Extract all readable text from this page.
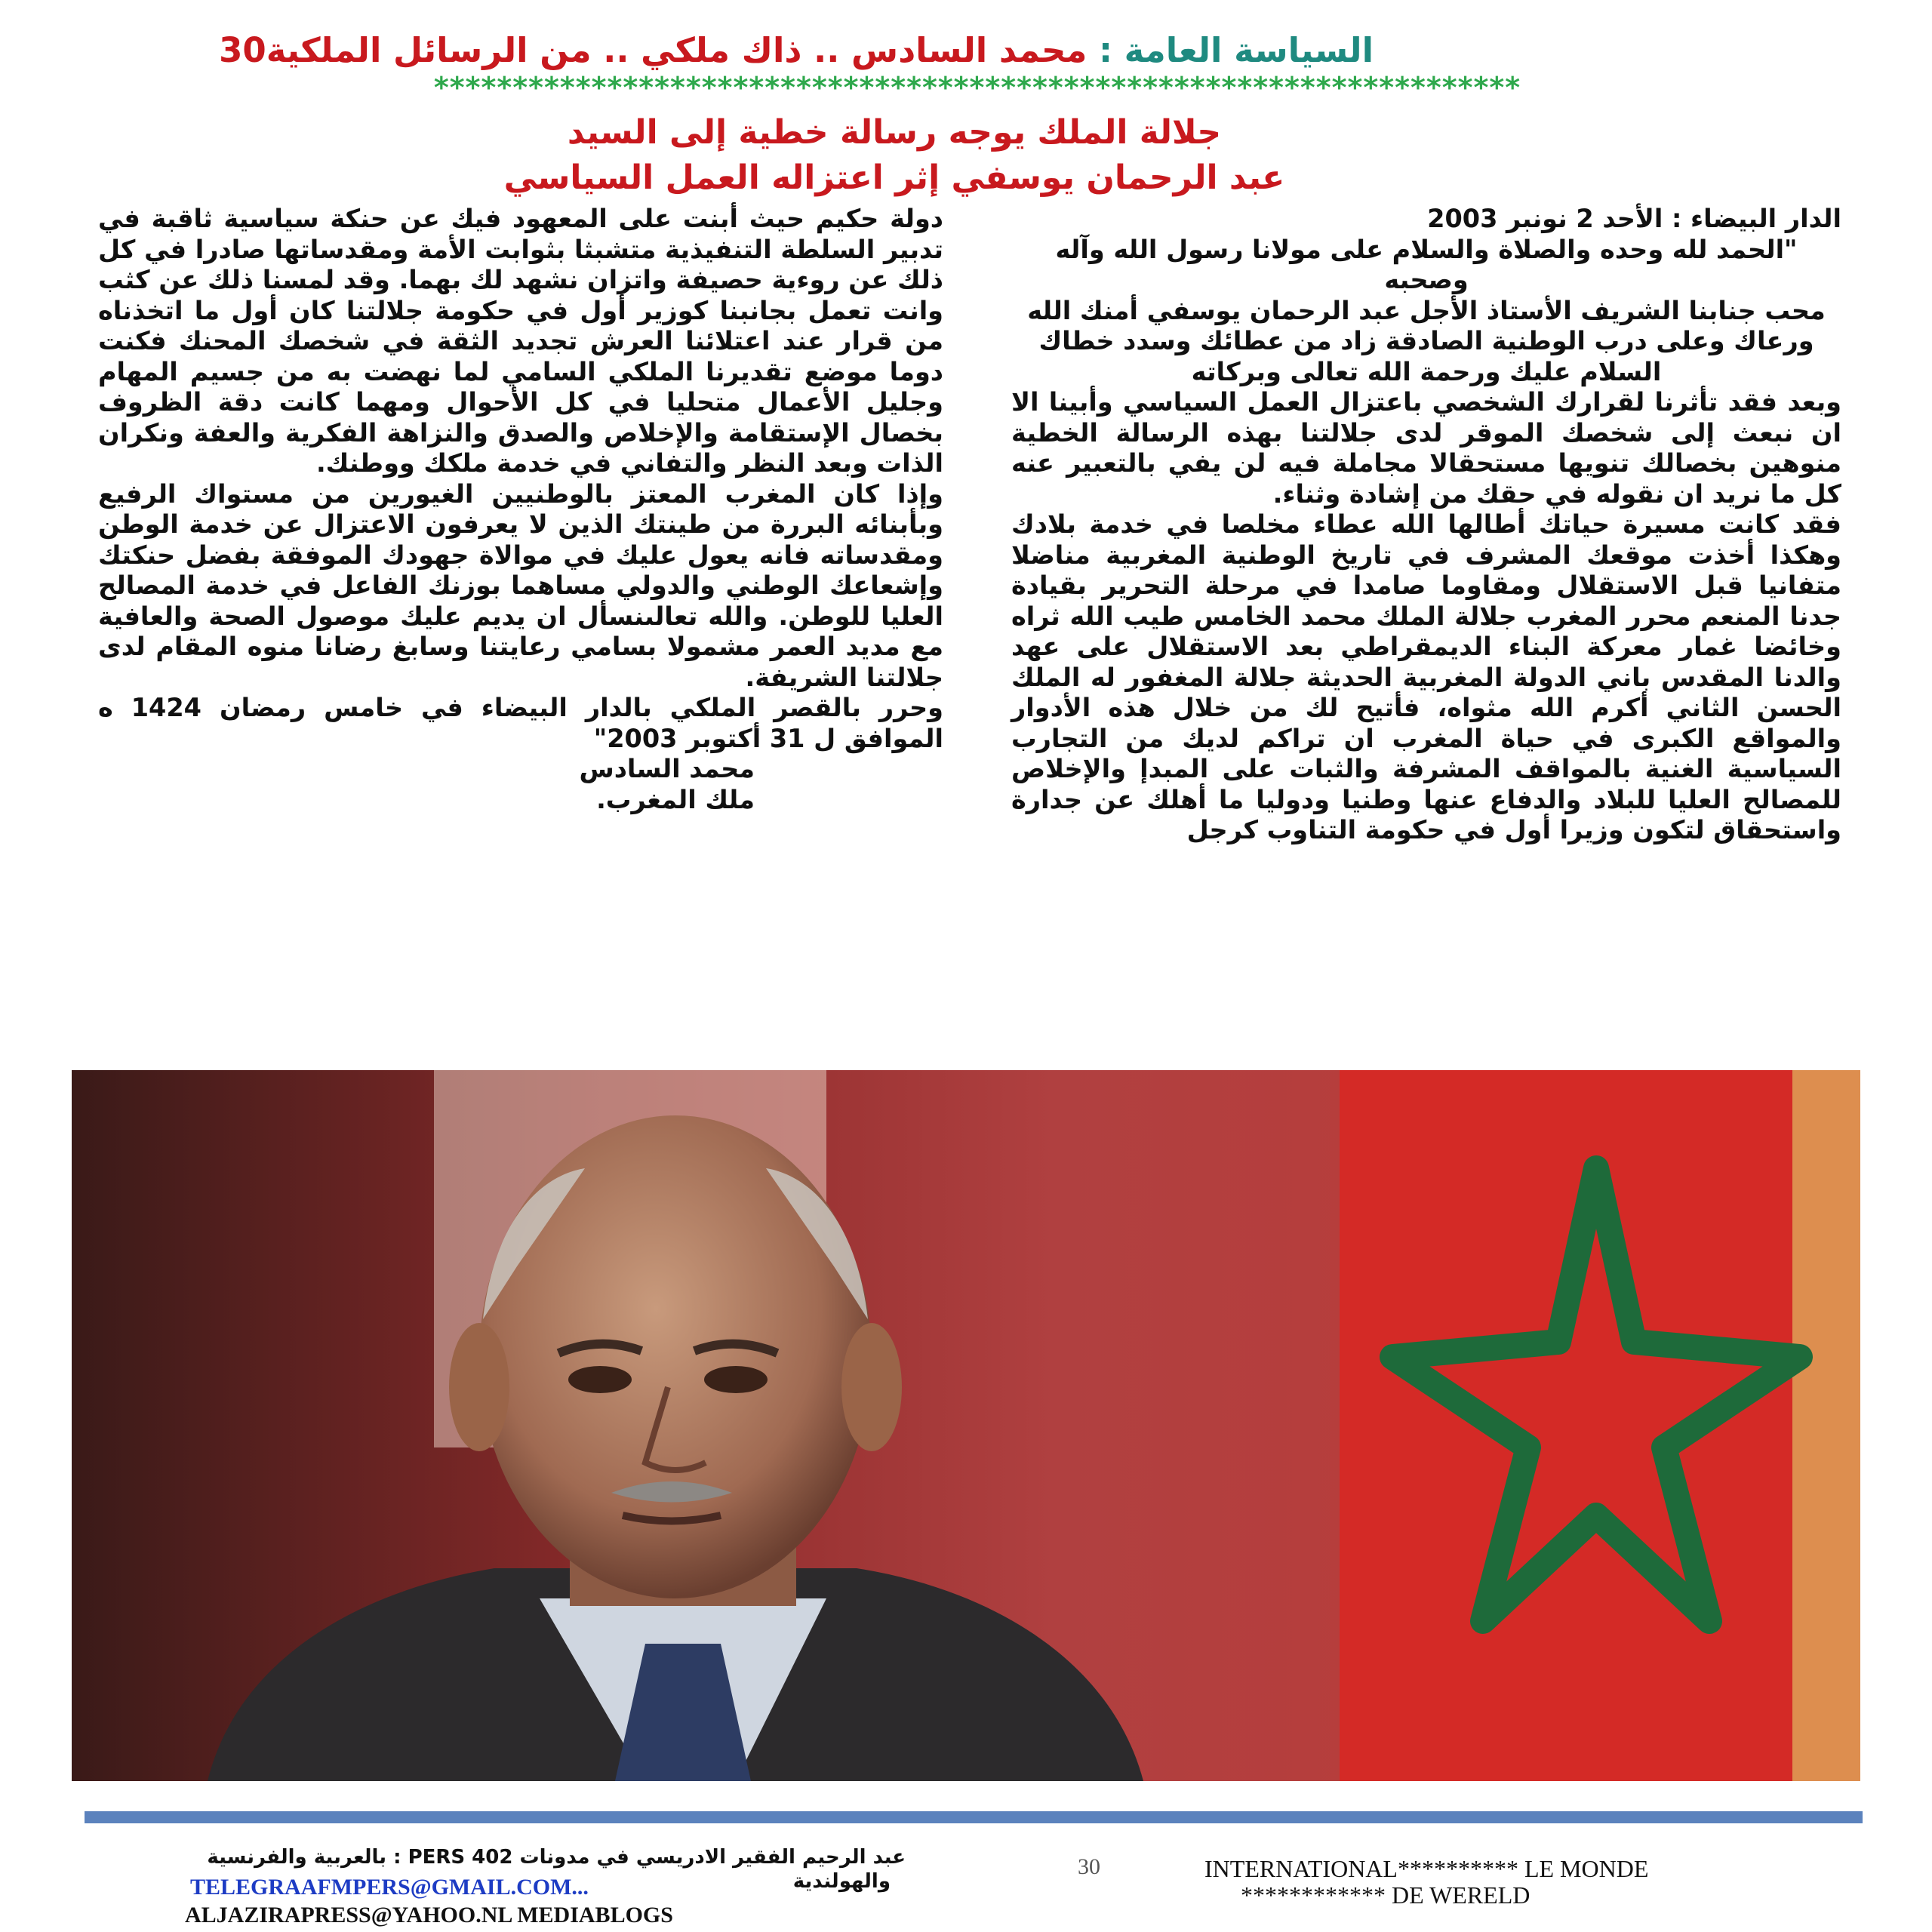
السياسة العامة : محمد السادس .. ذاك ملكي .. من الرسائل الملكية30
*********************************************************************
جلالة الملك يوجه رسالة خطية إلى السيد
عبد الرحمان يوسفي إثر اعتزاله العمل السياسي

الدار البيضاء : الأحد 2 نونبر 2003

"الحمد لله وحده والصلاة والسلام على مولانا رسول الله وآله وصحبه

محب جنابنا الشريف الأستاذ الأجل عبد الرحمان يوسفي أمنك الله ورعاك وعلى درب الوطنية الصادقة زاد من عطائك وسدد خطاك

السلام عليك ورحمة الله تعالى وبركاته

وبعد فقد تأثرنا لقرارك الشخصي باعتزال العمل السياسي وأبينا الا ان نبعث إلى شخصك الموقر لدى جلالتنا بهذه الرسالة الخطية منوهين بخصالك تنويها مستحقالا مجاملة فيه لن يفي بالتعبير عنه كل ما نريد ان نقوله في حقك من إشادة وثناء.

فقد كانت مسيرة حياتك أطالها الله عطاء مخلصا في خدمة بلادك وهكذا أخذت موقعك المشرف في تاريخ الوطنية المغربية مناضلا متفانيا قبل الاستقلال ومقاوما صامدا في مرحلة التحرير بقيادة جدنا المنعم محرر المغرب جلالة الملك محمد الخامس طيب الله ثراه وخائضا غمار معركة البناء الديمقراطي بعد الاستقلال على عهد والدنا المقدس باني الدولة المغربية الحديثة جلالة المغفور له الملك الحسن الثاني أكرم الله مثواه، فأتيح لك من خلال هذه الأدوار والمواقع الكبرى في حياة المغرب ان تراكم لديك من التجارب السياسية الغنية بالمواقف المشرفة والثبات على المبدإ والإخلاص للمصالح العليا للبلاد والدفاع عنها وطنيا ودوليا ما أهلك عن جدارة واستحقاق لتكون وزيرا أول في حكومة التناوب كرجل

دولة حكيم حيث أبنت على المعهود فيك عن حنكة سياسية ثاقبة في تدبير السلطة التنفيذية متشبثا بثوابت الأمة ومقدساتها صادرا في كل ذلك عن روءية حصيفة واتزان نشهد لك بهما. وقد لمسنا ذلك عن كثب وانت تعمل بجانبنا كوزير أول في حكومة جلالتنا كان أول ما اتخذناه من قرار عند اعتلائنا العرش تجديد الثقة في شخصك المحنك فكنت دوما موضع تقديرنا الملكي السامي لما نهضت به من جسيم المهام وجليل الأعمال متحليا في كل الأحوال ومهما كانت دقة الظروف بخصال الإستقامة والإخلاص والصدق والنزاهة الفكرية والعفة ونكران الذات وبعد النظر والتفاني في خدمة ملكك ووطنك.

وإذا كان المغرب المعتز بالوطنيين الغيورين من مستواك الرفيع وبأبنائه البررة من طينتك الذين لا يعرفون الاعتزال عن خدمة الوطن ومقدساته فانه يعول عليك في موالاة جهودك الموفقة بفضل حنكتك وإشعاعك الوطني والدولي مساهما بوزنك الفاعل في خدمة المصالح العليا للوطن. والله تعالىنسأل ان يديم عليك موصول الصحة والعافية مع مديد العمر مشمولا بسامي رعايتنا وسابغ رضانا منوه المقام لدى جلالتنا الشريفة.

وحرر بالقصر الملكي بالدار البيضاء في خامس رمضان 1424 ه الموافق ل 31 أكتوبر 2003"

محمد السادس

ملك المغرب.

عبد الرحيم الفقير الادريسي في مدونات PERS 402 : بالعربية والفرنسية
والهولندية
TELEGRAAFMPERS@GMAIL.COM...
ALJAZIRAPRESS@YAHOO.NL MEDIABLOGS
30	INTERNATIONAL********** LE MONDE
************ DE WERELD
